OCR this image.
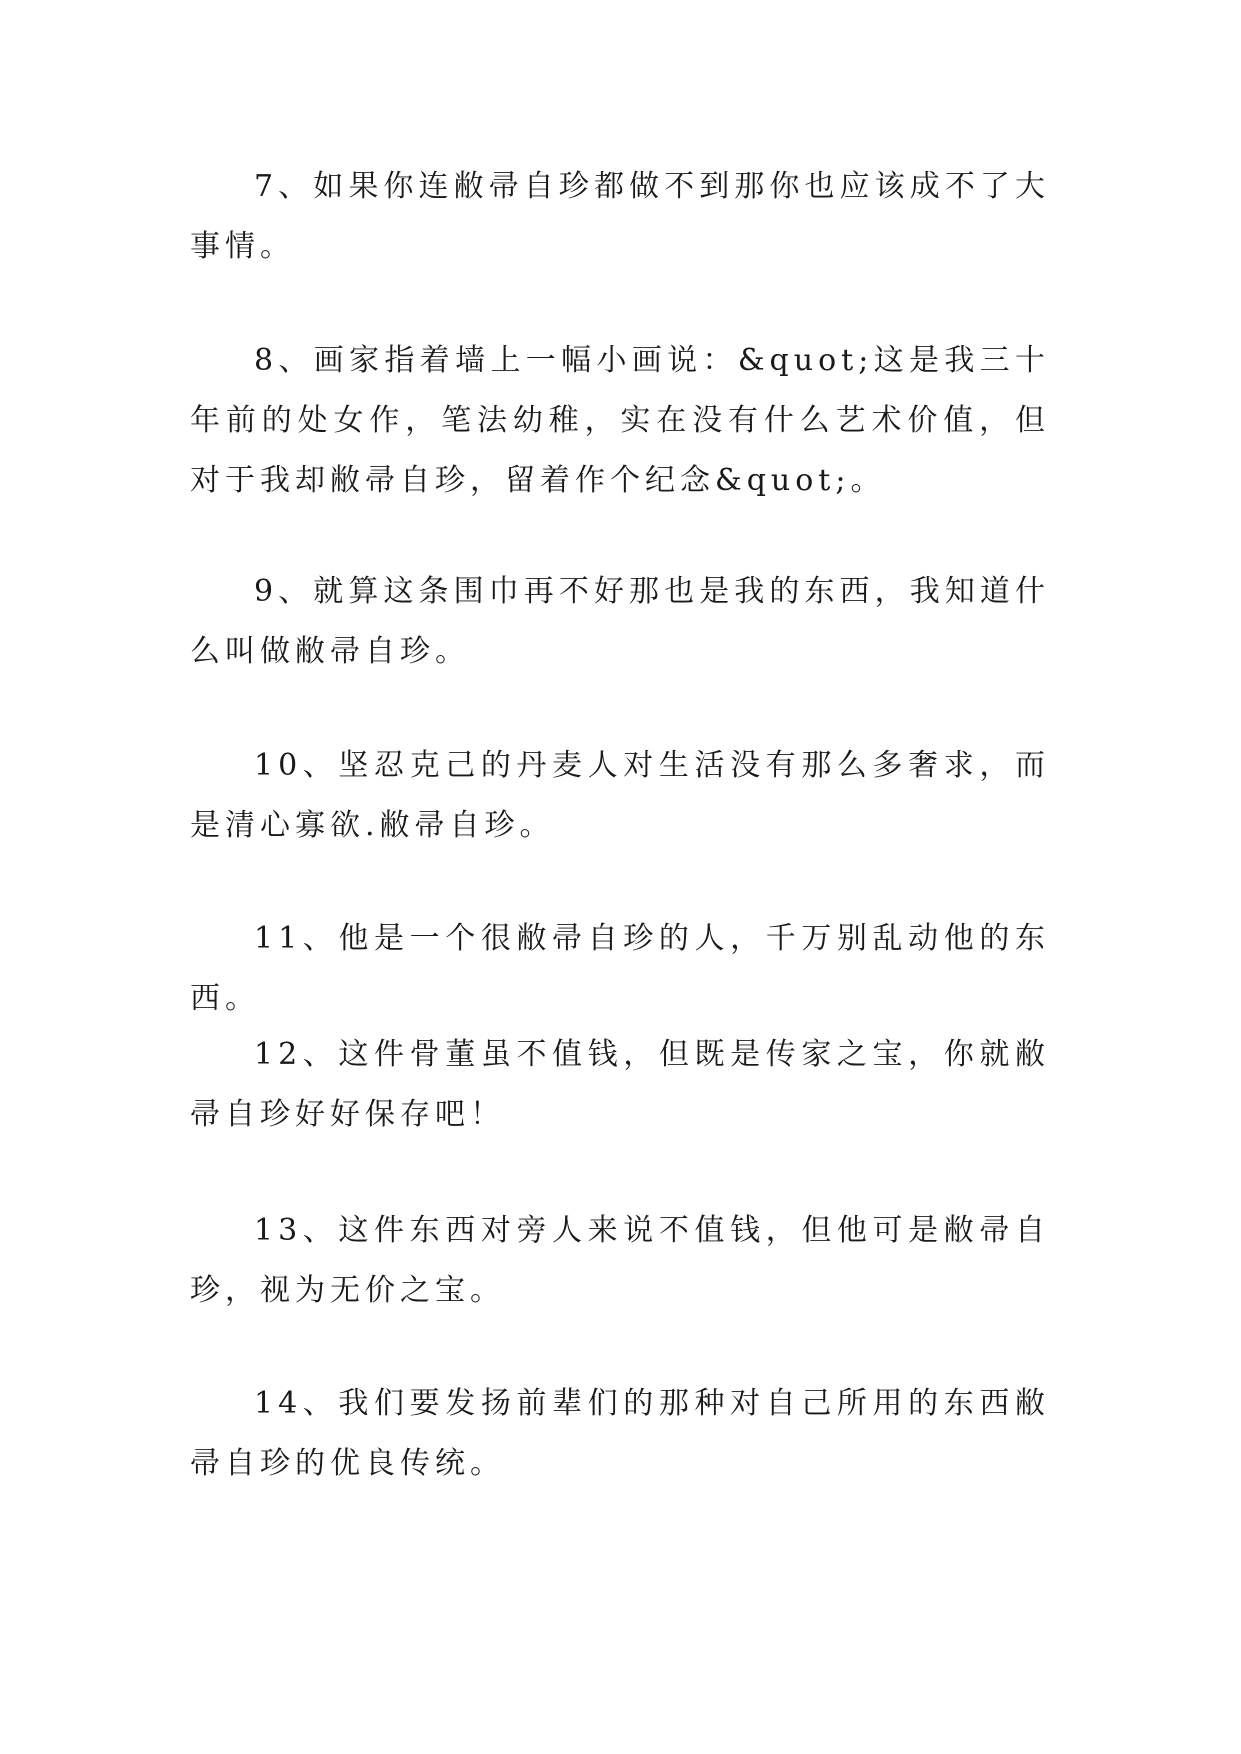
7、如果你连敝帚自珍都做不到那你也应该成不了大事情。

8、画家指着墙上一幅小画说：&quot;这是我三十年前的处女作，笔法幼稚，实在没有什么艺术价值，但对于我却敝帚自珍，留着作个纪念&quot;。

9、就算这条围巾再不好那也是我的东西，我知道什么叫做敝帚自珍。

10、坚忍克己的丹麦人对生活没有那么多奢求，而是清心寡欲.敝帚自珍。

11、他是一个很敝帚自珍的人，千万别乱动他的东西。

12、这件骨董虽不值钱，但既是传家之宝，你就敝帚自珍好好保存吧！

13、这件东西对旁人来说不值钱，但他可是敝帚自珍，视为无价之宝。

14、我们要发扬前辈们的那种对自己所用的东西敝帚自珍的优良传统。
